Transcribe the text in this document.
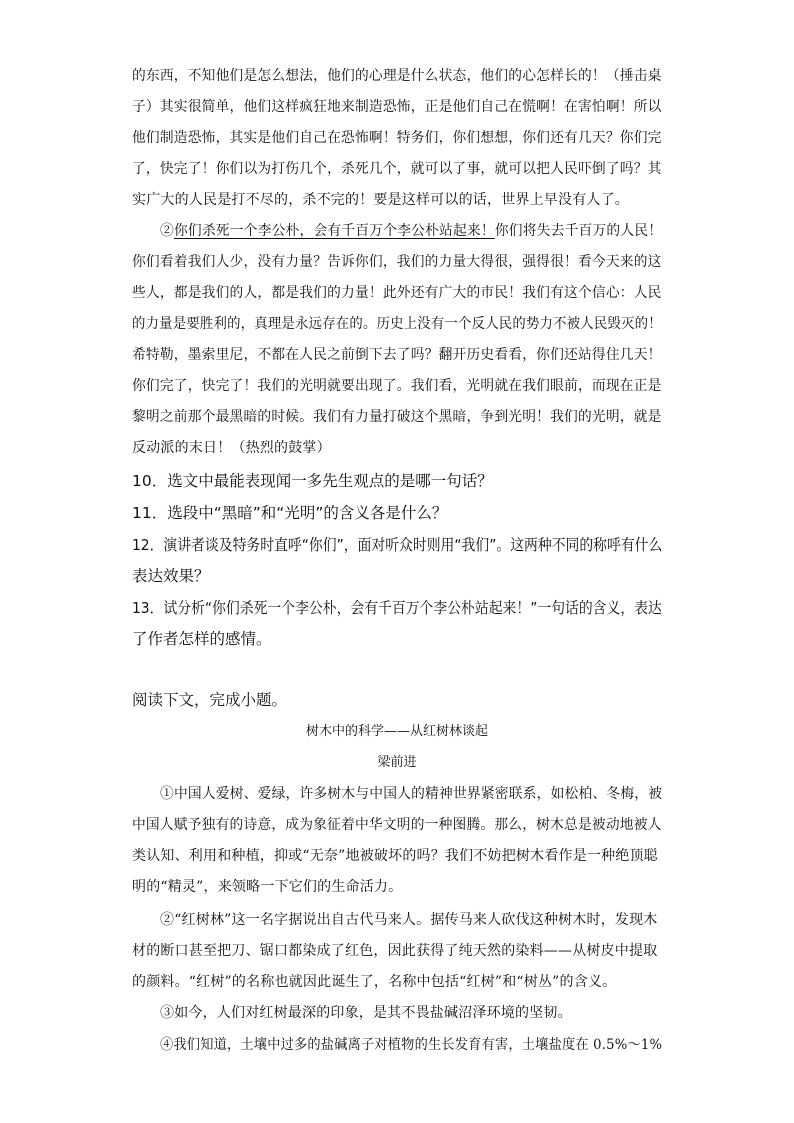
的东西，不知他们是怎么想法，他们的心理是什么状态，他们的心怎样长的！（捶击桌
子）其实很简单，他们这样疯狂地来制造恐怖，正是他们自己在慌啊！在害怕啊！所以
他们制造恐怖，其实是他们自己在恐怖啊！特务们，你们想想，你们还有几天？你们完
了，快完了！你们以为打伤几个，杀死几个，就可以了事，就可以把人民吓倒了吗？其
实广大的人民是打不尽的，杀不完的！要是这样可以的话，世界上早没有人了。
②你们杀死一个李公朴，会有千百万个李公朴站起来！你们将失去千百万的人民！
你们看着我们人少，没有力量？告诉你们，我们的力量大得很，强得很！看今天来的这
些人，都是我们的人，都是我们的力量！此外还有广大的市民！我们有这个信心：人民
的力量是要胜利的，真理是永远存在的。历史上没有一个反人民的势力不被人民毁灭的！
希特勒，墨索里尼，不都在人民之前倒下去了吗？翻开历史看看，你们还站得住几天！
你们完了，快完了！我们的光明就要出现了。我们看，光明就在我们眼前，而现在正是
黎明之前那个最黑暗的时候。我们有力量打破这个黑暗，争到光明！我们的光明，就是
反动派的末日！（热烈的鼓掌）
10．选文中最能表现闻一多先生观点的是哪一句话？
11．选段中“黑暗”和“光明”的含义各是什么？
12．演讲者谈及特务时直呼“你们”，面对听众时则用“我们”。这两种不同的称呼有什么
表达效果？
13．试分析“你们杀死一个李公朴，会有千百万个李公朴站起来！”一句话的含义，表达
了作者怎样的感情。
阅读下文，完成小题。
树木中的科学——从红树林谈起
梁前进
①中国人爱树、爱绿，许多树木与中国人的精神世界紧密联系，如松柏、冬梅，被
中国人赋予独有的诗意，成为象征着中华文明的一种图腾。那么，树木总是被动地被人
类认知、利用和种植，抑或“无奈”地被破坏的吗？我们不妨把树木看作是一种绝顶聪
明的“精灵”，来领略一下它们的生命活力。
②“红树林”这一名字据说出自古代马来人。据传马来人砍伐这种树木时，发现木
材的断口甚至把刀、锯口都染成了红色，因此获得了纯天然的染料——从树皮中提取
的颜料。“红树”的名称也就因此诞生了，名称中包括“红树”和“树丛”的含义。
③如今，人们对红树最深的印象，是其不畏盐碱沼泽环境的坚韧。
④我们知道，土壤中过多的盐碱离子对植物的生长发育有害，土壤盐度在 0.5%～1%
